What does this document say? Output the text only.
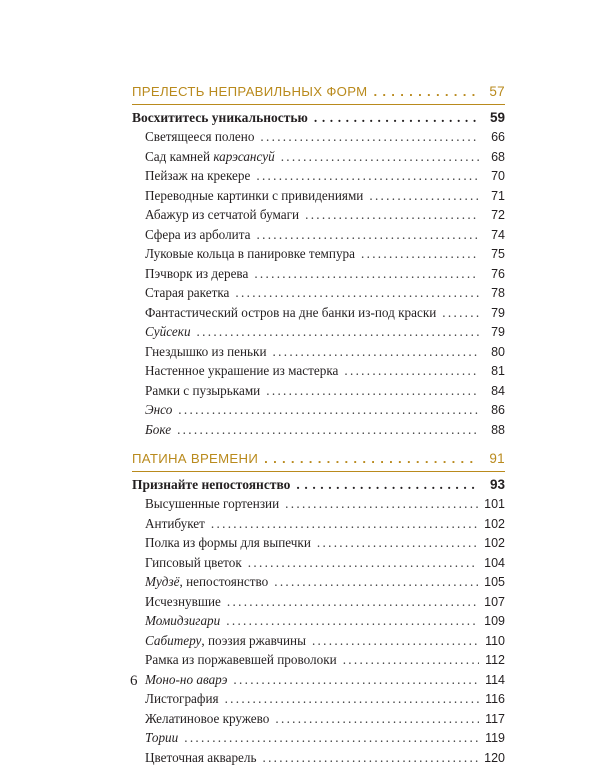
ПРЕЛЕСТЬ НЕПРАВИЛЬНЫХ ФОРМ . . .	57
Восхититесь уникальностью . . .	59
Светящееся полено . . .	66
Сад камней карэсансуй . . .	68
Пейзаж на крекере . . .	70
Переводные картинки с привидениями . . .	71
Абажур из сетчатой бумаги . . .	72
Сфера из арболита . . .	74
Луковые кольца в панировке темпура . . .	75
Пэчворк из дерева . . .	76
Старая ракетка . . .	78
Фантастический остров на дне банки из-под краски . . .	79
Суйсеки . . .	79
Гнездышко из пеньки . . .	80
Настенное украшение из мастерка . . .	81
Рамки с пузырьками . . .	84
Энсо . . .	86
Боке . . .	88
ПАТИНА ВРЕМЕНИ . . .	91
Признайте непостоянство . . .	93
Высушенные гортензии . . .	101
Антибукет . . .	102
Полка из формы для выпечки . . .	102
Гипсовый цветок . . .	104
Мудзё, непостоянство . . .	105
Исчезнувшие . . .	107
Момидзигари . . .	109
Сабитеру, поэзия ржавчины . . .	110
Рамка из поржавевшей проволоки . . .	112
Моно-но аварэ . . .	114
Листография . . .	116
Желатиновое кружево . . .	117
Тории . . .	119
Цветочная акварель . . .	120
6
